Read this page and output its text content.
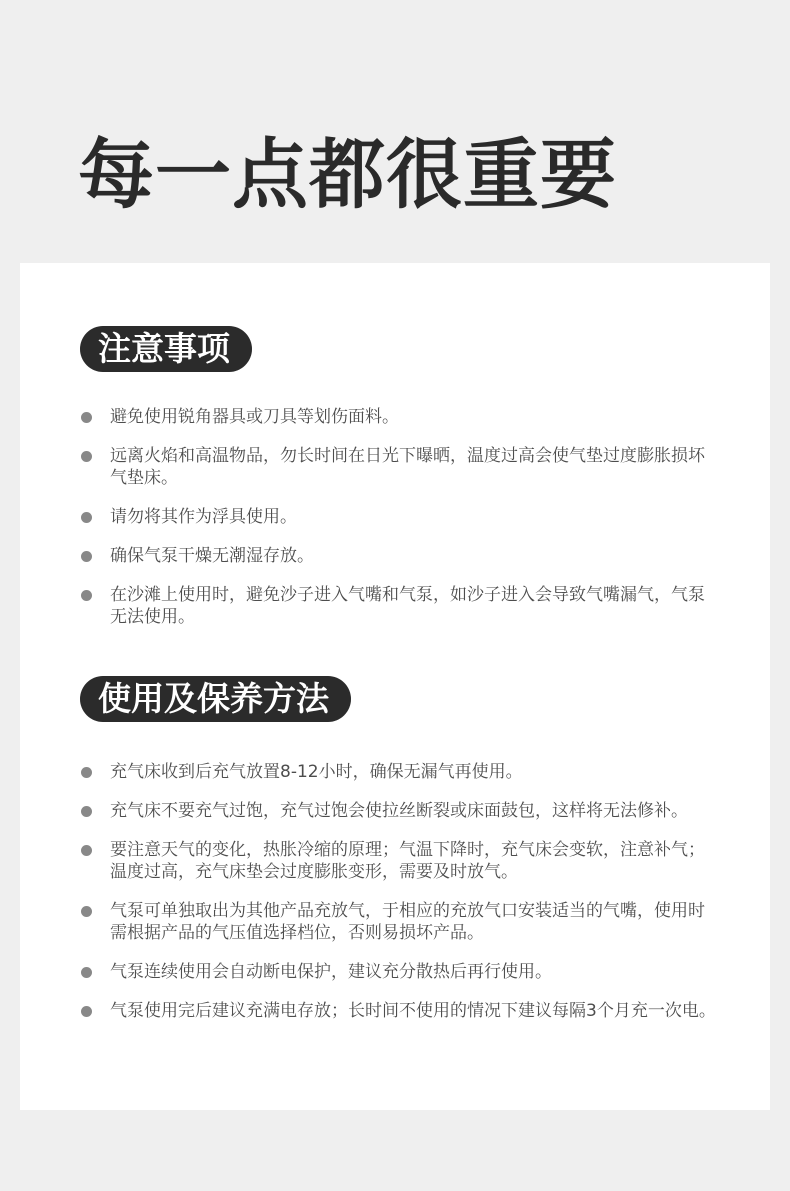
每一点都很重要
注意事项
避免使用锐角器具或刀具等划伤面料。
远离火焰和高温物品，勿长时间在日光下曝晒，温度过高会使气垫过度膨胀损坏气垫床。
请勿将其作为浮具使用。
确保气泵干燥无潮湿存放。
在沙滩上使用时，避免沙子进入气嘴和气泵，如沙子进入会导致气嘴漏气，气泵无法使用。
使用及保养方法
充气床收到后充气放置8-12小时，确保无漏气再使用。
充气床不要充气过饱，充气过饱会使拉丝断裂或床面鼓包，这样将无法修补。
要注意天气的变化，热胀冷缩的原理；气温下降时，充气床会变软，注意补气；温度过高，充气床垫会过度膨胀变形，需要及时放气。
气泵可单独取出为其他产品充放气，于相应的充放气口安装适当的气嘴，使用时需根据产品的气压值选择档位，否则易损坏产品。
气泵连续使用会自动断电保护，建议充分散热后再行使用。
气泵使用完后建议充满电存放；长时间不使用的情况下建议每隔3个月充一次电。
